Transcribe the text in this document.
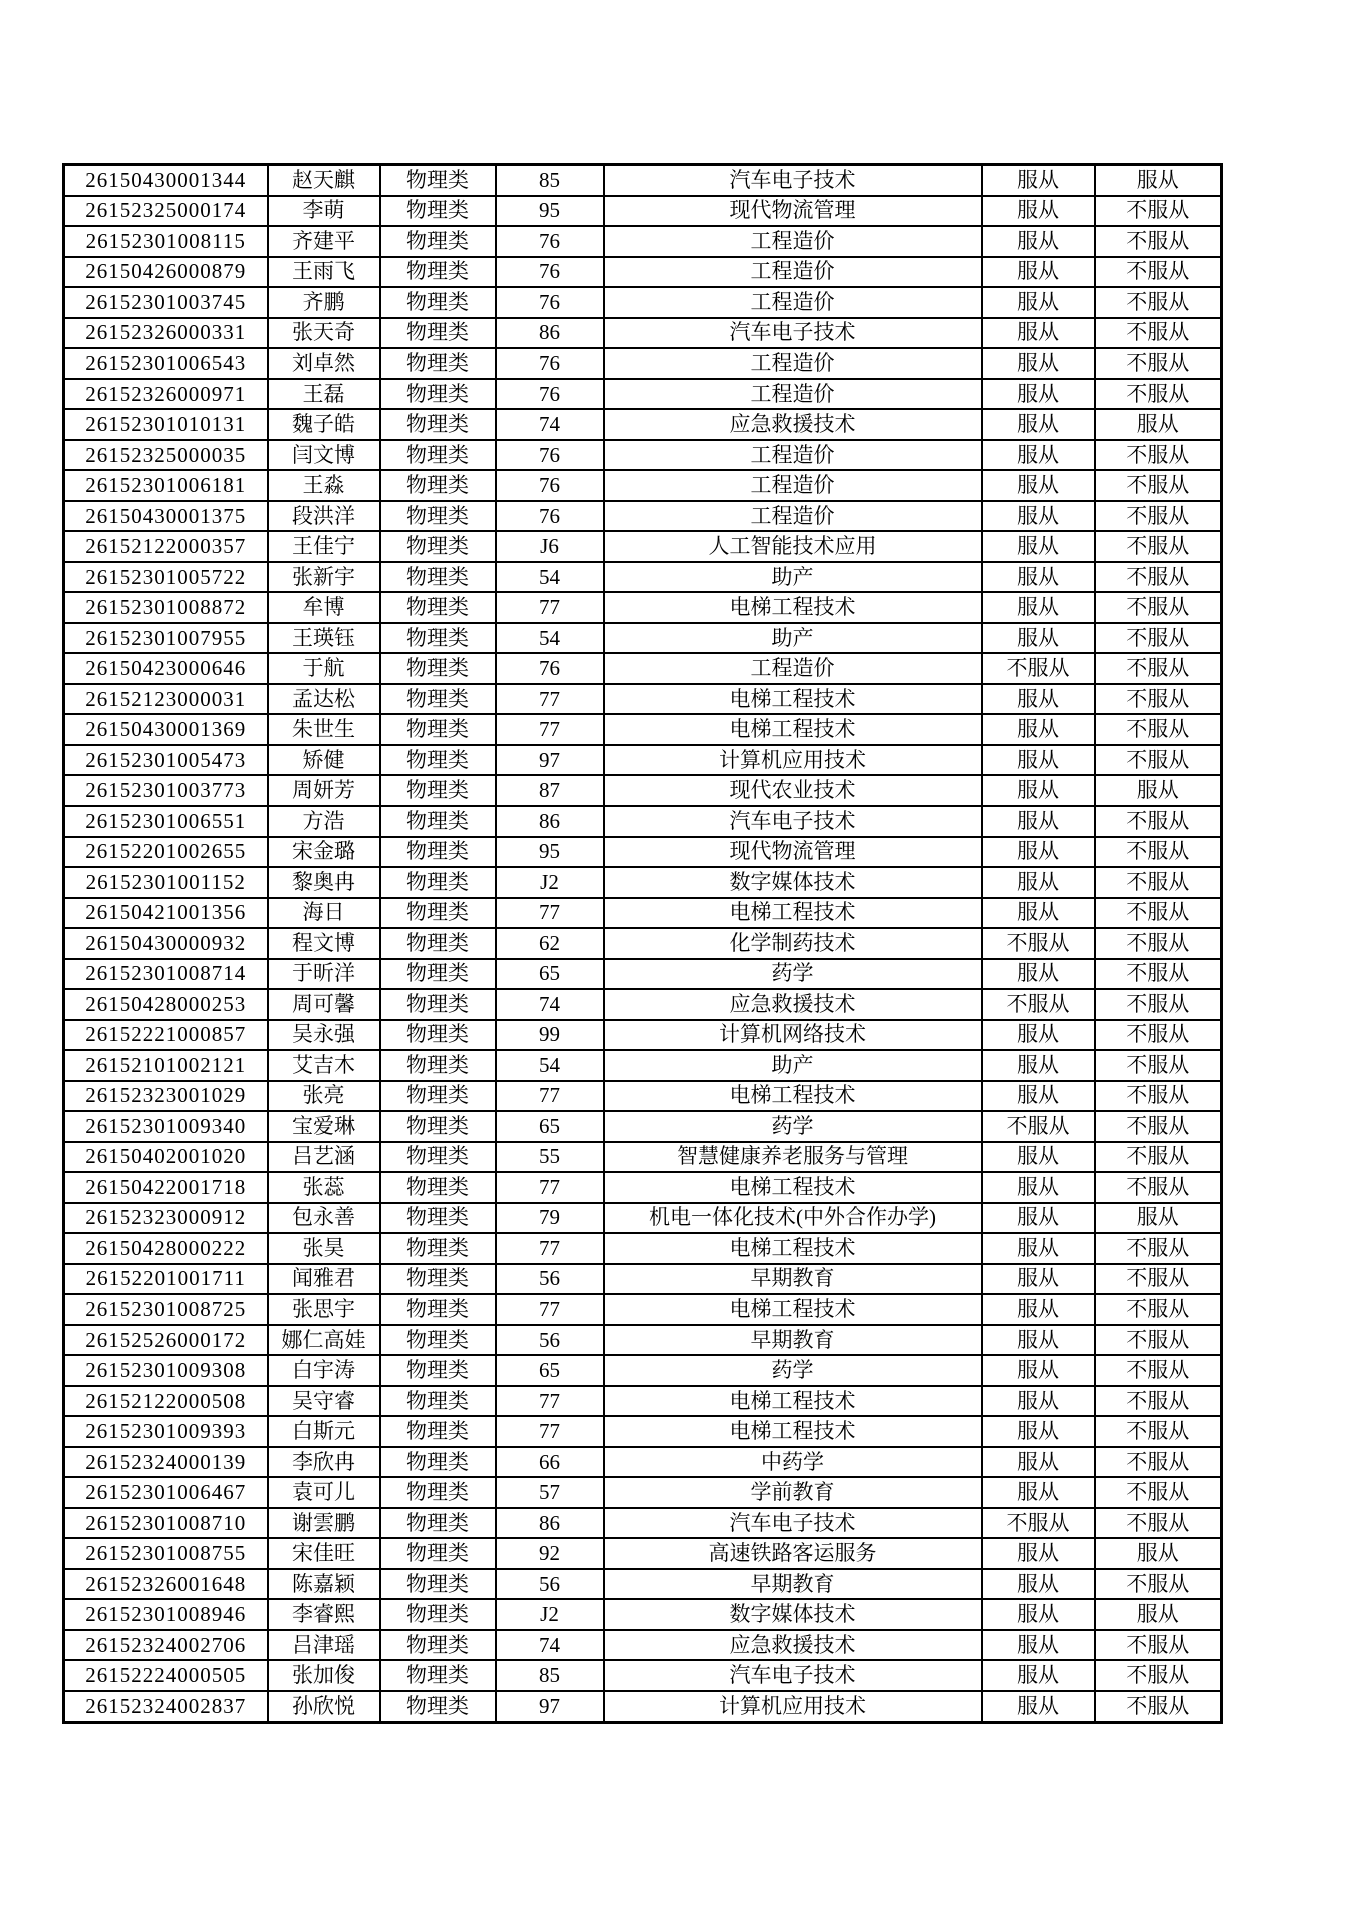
26150430001344	赵天麒	物理类	85	汽车电子技术	服从	服从
26152325000174	李萌	物理类	95	现代物流管理	服从	不服从
26152301008115	齐建平	物理类	76	工程造价	服从	不服从
26150426000879	王雨飞	物理类	76	工程造价	服从	不服从
26152301003745	齐鹏	物理类	76	工程造价	服从	不服从
26152326000331	张天奇	物理类	86	汽车电子技术	服从	不服从
26152301006543	刘卓然	物理类	76	工程造价	服从	不服从
26152326000971	王磊	物理类	76	工程造价	服从	不服从
26152301010131	魏子皓	物理类	74	应急救援技术	服从	服从
26152325000035	闫文博	物理类	76	工程造价	服从	不服从
26152301006181	王淼	物理类	76	工程造价	服从	不服从
26150430001375	段洪洋	物理类	76	工程造价	服从	不服从
26152122000357	王佳宁	物理类	J6	人工智能技术应用	服从	不服从
26152301005722	张新宇	物理类	54	助产	服从	不服从
26152301008872	牟博	物理类	77	电梯工程技术	服从	不服从
26152301007955	王瑛钰	物理类	54	助产	服从	不服从
26150423000646	于航	物理类	76	工程造价	不服从	不服从
26152123000031	孟达松	物理类	77	电梯工程技术	服从	不服从
26150430001369	朱世生	物理类	77	电梯工程技术	服从	不服从
26152301005473	矫健	物理类	97	计算机应用技术	服从	不服从
26152301003773	周妍芳	物理类	87	现代农业技术	服从	服从
26152301006551	方浩	物理类	86	汽车电子技术	服从	不服从
26152201002655	宋金璐	物理类	95	现代物流管理	服从	不服从
26152301001152	黎奥冉	物理类	J2	数字媒体技术	服从	不服从
26150421001356	海日	物理类	77	电梯工程技术	服从	不服从
26150430000932	程文博	物理类	62	化学制药技术	不服从	不服从
26152301008714	于昕洋	物理类	65	药学	服从	不服从
26150428000253	周可馨	物理类	74	应急救援技术	不服从	不服从
26152221000857	吴永强	物理类	99	计算机网络技术	服从	不服从
26152101002121	艾吉木	物理类	54	助产	服从	不服从
26152323001029	张亮	物理类	77	电梯工程技术	服从	不服从
26152301009340	宝爱琳	物理类	65	药学	不服从	不服从
26150402001020	吕艺涵	物理类	55	智慧健康养老服务与管理	服从	不服从
26150422001718	张蕊	物理类	77	电梯工程技术	服从	不服从
26152323000912	包永善	物理类	79	机电一体化技术(中外合作办学)	服从	服从
26150428000222	张昊	物理类	77	电梯工程技术	服从	不服从
26152201001711	闻雅君	物理类	56	早期教育	服从	不服从
26152301008725	张思宇	物理类	77	电梯工程技术	服从	不服从
26152526000172	娜仁高娃	物理类	56	早期教育	服从	不服从
26152301009308	白宇涛	物理类	65	药学	服从	不服从
26152122000508	吴守睿	物理类	77	电梯工程技术	服从	不服从
26152301009393	白斯元	物理类	77	电梯工程技术	服从	不服从
26152324000139	李欣冉	物理类	66	中药学	服从	不服从
26152301006467	袁可儿	物理类	57	学前教育	服从	不服从
26152301008710	谢雲鹏	物理类	86	汽车电子技术	不服从	不服从
26152301008755	宋佳旺	物理类	92	高速铁路客运服务	服从	服从
26152326001648	陈嘉颖	物理类	56	早期教育	服从	不服从
26152301008946	李睿熙	物理类	J2	数字媒体技术	服从	服从
26152324002706	吕津瑶	物理类	74	应急救援技术	服从	不服从
26152224000505	张加俊	物理类	85	汽车电子技术	服从	不服从
26152324002837	孙欣悦	物理类	97	计算机应用技术	服从	不服从
